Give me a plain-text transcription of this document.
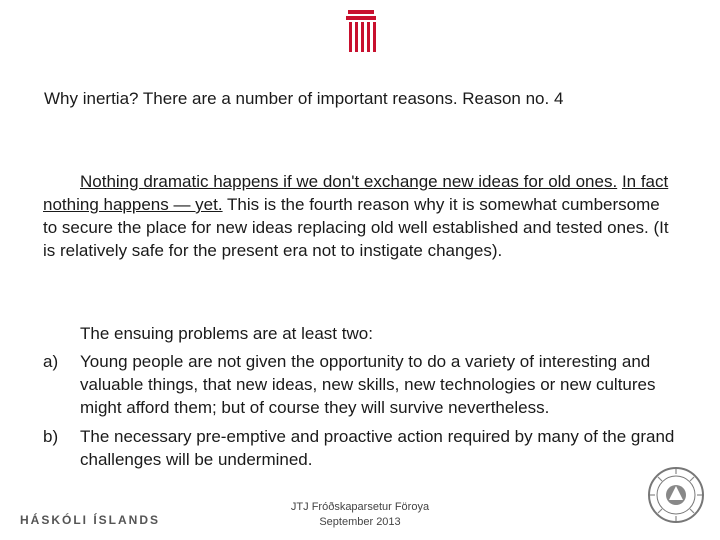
Why inertia? There are a number of important reasons. Reason no. 4
Nothing dramatic happens if we don't exchange new ideas for old ones. In fact nothing happens — yet. This is the fourth reason why it is somewhat cumbersome to secure the place for new ideas replacing old well established and tested ones. (It is relatively safe for the present era not to instigate changes).
The ensuing problems are at least two:
a) Young people are not given the opportunity to do a variety of interesting and valuable things, that new ideas, new skills, new technologies or new cultures might afford them; but of course they will survive nevertheless.
b) The necessary pre-emptive and proactive action required by many of the grand challenges will be undermined.
HÁSKÓLI ÍSLANDS
JTJ Fróðskaparsetur Föroya
September 2013
